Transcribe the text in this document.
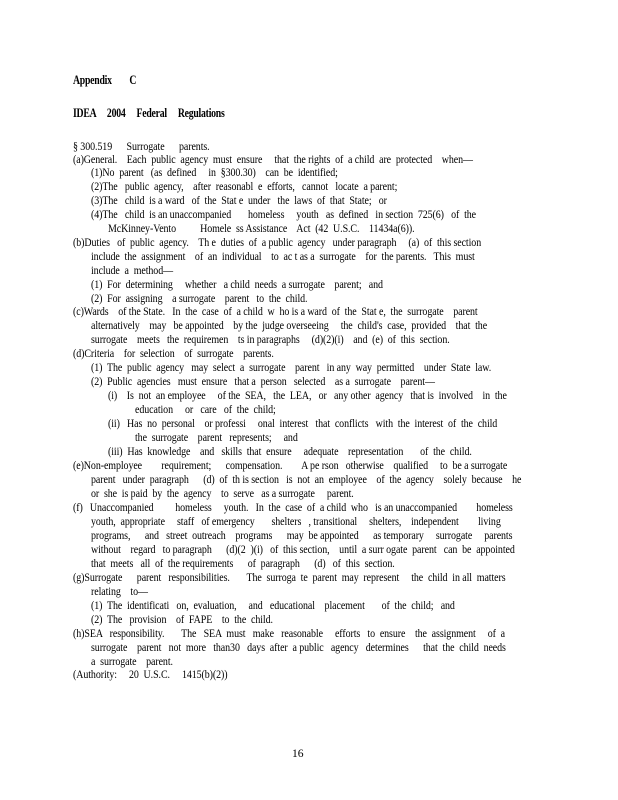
Appendix        C
IDEA     2004     Federal     Regulations
§ 300.519      Surrogate      parents.
(a)General.    Each  public  agency  must  ensure     that  the rights  of  a child  are  protected    when—
(1)No  parent   (as  defined     in  §300.30)    can  be  identified;
(2)The   public  agency,    after  reasonabl  e  efforts,   cannot   locate  a parent;
(3)The   child  is a ward   of  the  Stat e  under   the  laws  of  that  State;   or
(4)The   child  is an unaccompanied       homeless     youth   as  defined   in section  725(6)   of  the
McKinney-Vento          Homele  ss Assistance    Act  (42  U.S.C.    11434a(6)).
(b)Duties   of  public  agency.    Th e  duties  of  a public  agency   under paragraph     (a)  of  this section
include  the  assignment    of  an  individual    to  ac t as a  surrogate    for  the parents.   This  must
include  a  method—
(1)  For  determining     whether   a child  needs  a surrogate    parent;   and
(2)  For  assigning    a surrogate    parent   to  the  child.
(c)Wards    of the State.   In  the  case  of  a child  w  ho is a ward  of  the  Stat e,  the  surrogate    parent
alternatively    may   be appointed    by the  judge overseeing     the  child's  case,  provided    that  the
surrogate    meets   the  requiremen    ts in paragraphs     (d)(2)(i)    and  (e)  of  this  section.
(d)Criteria    for  selection    of  surrogate    parents.
(1)  The  public  agency   may  select  a  surrogate    parent   in any  way  permitted    under  State  law.
(2)  Public  agencies   must  ensure   that a  person   selected    as a  surrogate    parent—
(i)    Is  not  an employee     of the  SEA,   the  LEA,   or   any other  agency   that is  involved    in  the
education     or   care   of  the  child;
(ii)   Has  no  personal    or professi     onal  interest   that  conflicts   with  the  interest  of  the  child
the  surrogate    parent   represents;     and
(iii)  Has  knowledge    and   skills  that  ensure     adequate    representation       of  the  child.
(e)Non-employee        requirement;      compensation.        A pe rson   otherwise    qualified     to  be a surrogate
parent   under  paragraph      (d)  of  th is section   is  not  an  employee    of  the  agency    solely  because    he
or  she  is paid  by  the  agency    to  serve   as a surrogate     parent.
(f)   Unaccompanied         homeless     youth.   In  the  case  of  a child  who   is an unaccompanied        homeless
youth,  appropriate     staff   of emergency       shelters   , transitional     shelters,    independent        living
programs,      and   street  outreach    programs      may  be appointed      as temporary     surrogate     parents
without    regard   to paragraph      (d)(2  )(i)   of  this section,    until  a surr ogate  parent   can  be  appointed
that  meets   all  of  the requirements      of  paragraph      (d)   of  this  section.
(g)Surrogate      parent   responsibilities.       The  surroga  te  parent  may  represent     the  child  in all  matters
relating    to—
(1)  The  identificati   on,  evaluation,     and   educational    placement       of  the  child;   and
(2)  The   provision    of  FAPE    to  the  child.
(h)SEA   responsibility.       The   SEA  must   make   reasonable     efforts   to  ensure    the  assignment     of  a
surrogate    parent   not  more   than30   days  after  a public   agency   determines      that  the  child  needs
a  surrogate    parent.
(Authority:     20  U.S.C.     1415(b)(2))
16
